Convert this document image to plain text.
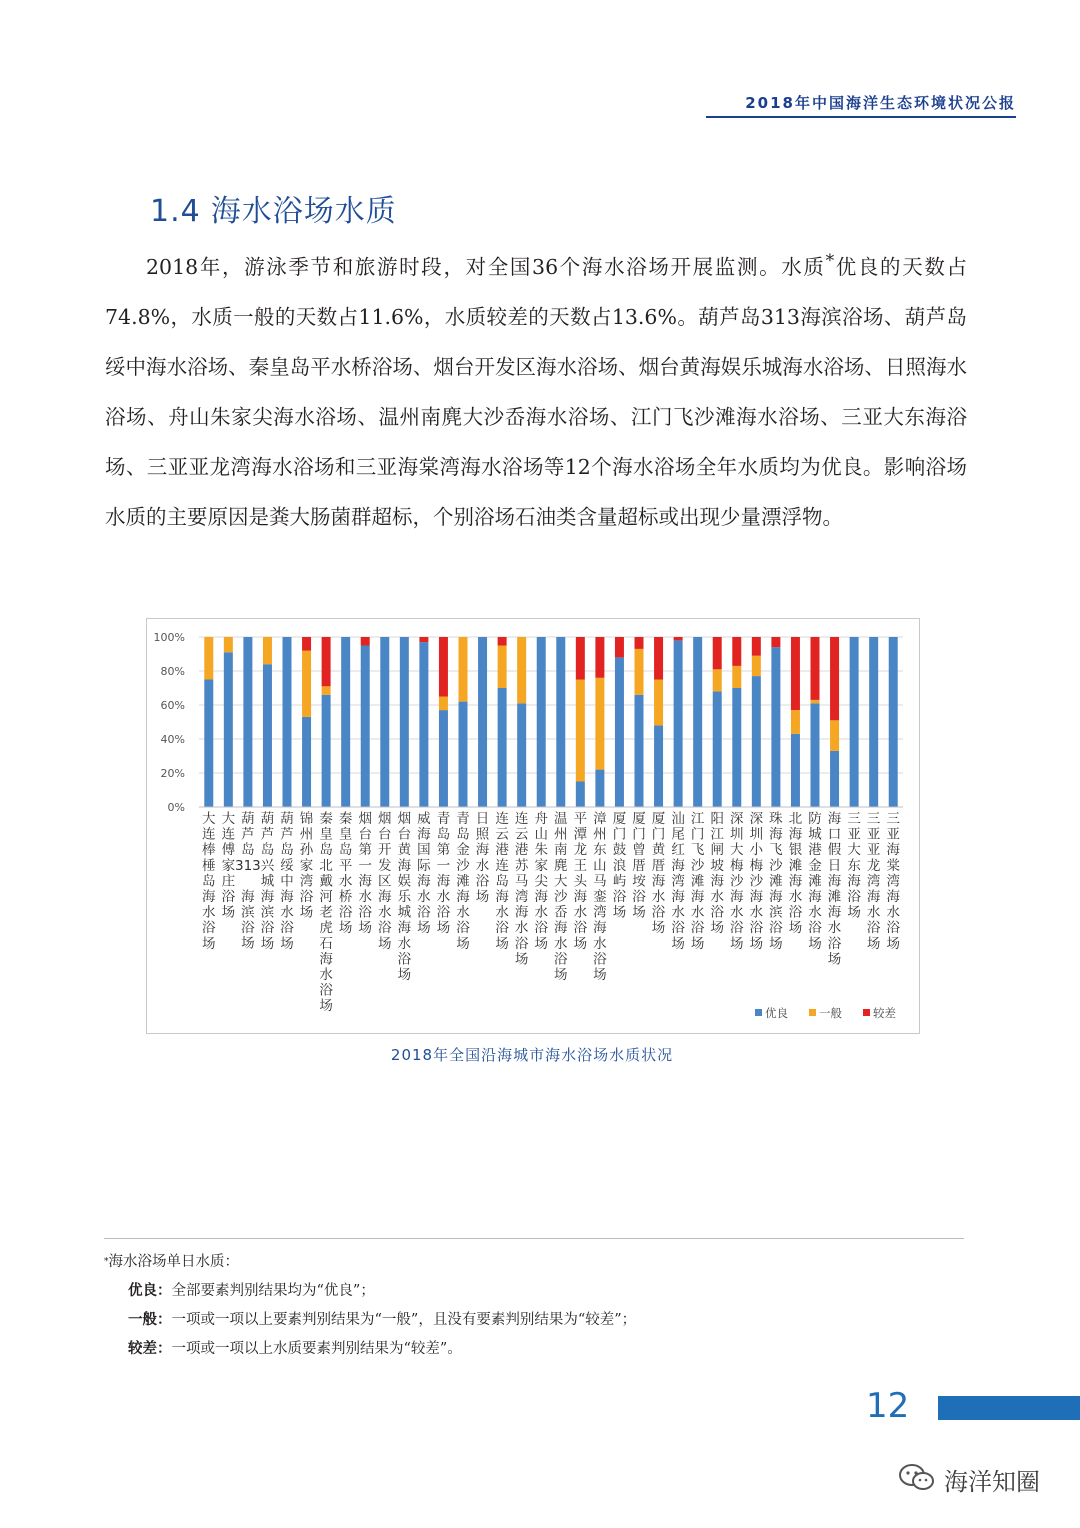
2018年中国海洋生态环境状况公报
1.4 海水浴场水质

2018年，游泳季节和旅游时段，对全国36个海水浴场开展监测。水质*优良的天数占74.8%，水质一般的天数占11.6%，水质较差的天数占13.6%。葫芦岛313海滨浴场、葫芦岛绥中海水浴场、秦皇岛平水桥浴场、烟台开发区海水浴场、烟台黄海娱乐城海水浴场、日照海水浴场、舟山朱家尖海水浴场、温州南麂大沙岙海水浴场、江门飞沙滩海水浴场、三亚大东海浴场、三亚亚龙湾海水浴场和三亚海棠湾海水浴场等12个海水浴场全年水质均为优良。影响浴场水质的主要原因是粪大肠菌群超标，个别浴场石油类含量超标或出现少量漂浮物。

0%
20%
40%
60%
80%
100%
大连棒棰岛海水浴场
大连傅家庄浴场
葫芦岛 313 海滨浴场
葫芦岛兴城海滨浴场
葫芦岛绥中海水浴场
锦州孙家湾浴场
秦皇岛北戴河老虎石海水浴场
秦皇岛平水桥浴场
烟台第一海水浴场
烟台开发区海水浴场
烟台黄海娱乐城海水浴场
威海国际海水浴场
青岛第一海水浴场
青岛金沙滩海水浴场
日照海水浴场
连云港连岛海水浴场
连云港苏马湾海水浴场
舟山朱家尖海水浴场
温州南麂大沙岙海水浴场
平潭龙王头海水浴场
漳州东山马銮湾海水浴场
厦门鼓浪屿浴场
厦门曾厝垵浴场
厦门黄厝海水浴场
汕尾红海湾海水浴场
江门飞沙滩海水浴场
阳江闸坡海水浴场
深圳大梅沙海水浴场
深圳小梅沙海水浴场
珠海飞沙滩海滨浴场
北海银滩海水浴场
防城港金滩海水浴场
海口假日海滩海水浴场
三亚大东海浴场
三亚亚龙湾海水浴场
三亚海棠湾海水浴场
优良	一般	较差
2018年全国沿海城市海水浴场水质状况
*海水浴场单日水质：
优良：全部要素判别结果均为“优良”；
一般：一项或一项以上要素判别结果为“一般”，且没有要素判别结果为“较差”；
较差：一项或一项以上水质要素判别结果为“较差”。
12
海洋知圈
